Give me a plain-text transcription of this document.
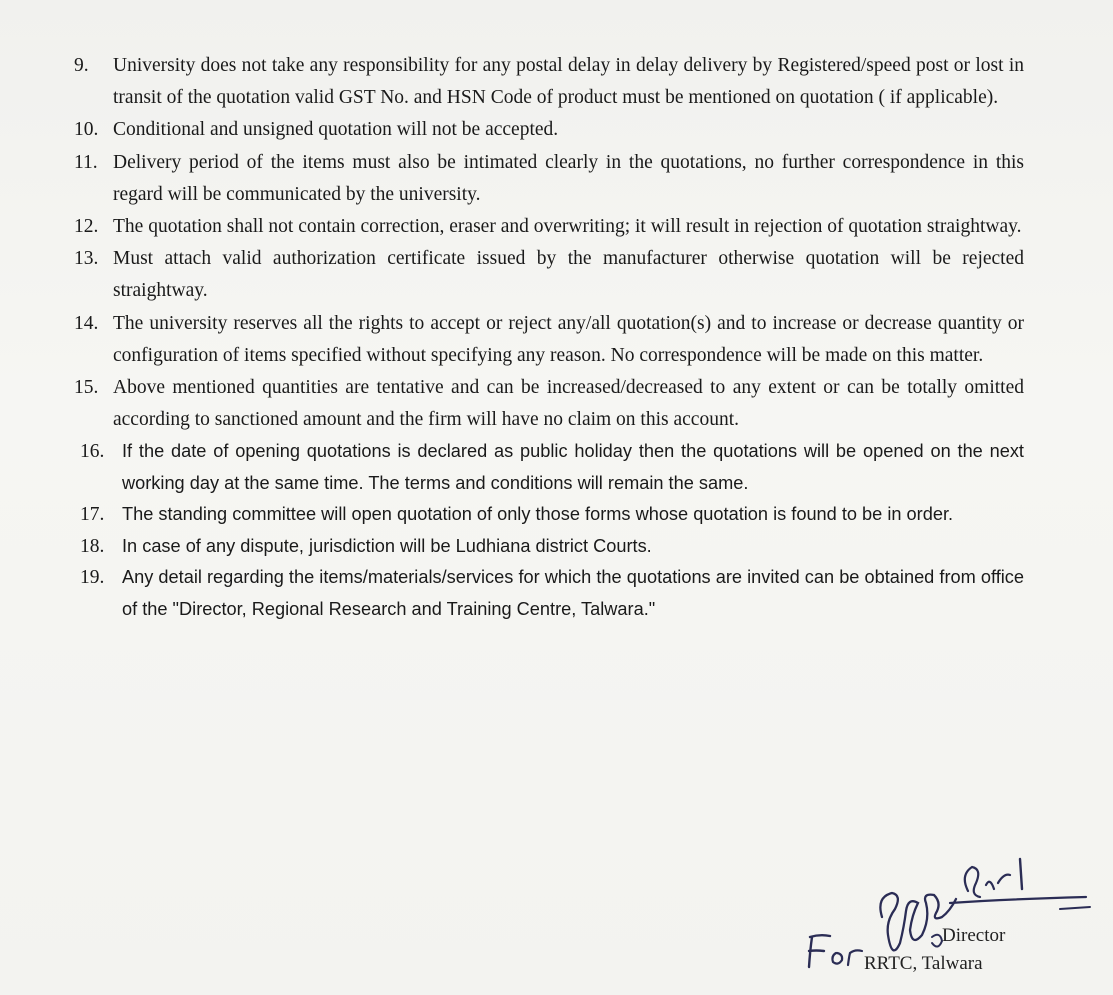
9. University does not take any responsibility for any postal delay in delay delivery by Registered/speed post or lost in transit of the quotation valid GST No. and HSN Code of product must be mentioned on quotation ( if applicable).
10. Conditional and unsigned quotation will not be accepted.
11. Delivery period of the items must also be intimated clearly in the quotations, no further correspondence in this regard will be communicated by the university.
12. The quotation shall not contain correction, eraser and overwriting; it will result in rejection of quotation straightway.
13. Must attach valid authorization certificate issued by the manufacturer otherwise quotation will be rejected straightway.
14. The university reserves all the rights to accept or reject any/all quotation(s) and to increase or decrease quantity or configuration of items specified without specifying any reason. No correspondence will be made on this matter.
15. Above mentioned quantities are tentative and can be increased/decreased to any extent or can be totally omitted according to sanctioned amount and the firm will have no claim on this account.
16. If the date of opening quotations is declared as public holiday then the quotations will be opened on the next working day at the same time. The terms and conditions will remain the same.
17. The standing committee will open quotation of only those forms whose quotation is found to be in order.
18. In case of any dispute, jurisdiction will be Ludhiana district Courts.
19. Any detail regarding the items/materials/services for which the quotations are invited can be obtained from office of the "Director, Regional Research and Training Centre, Talwara."
Director
RRTC, Talwara
